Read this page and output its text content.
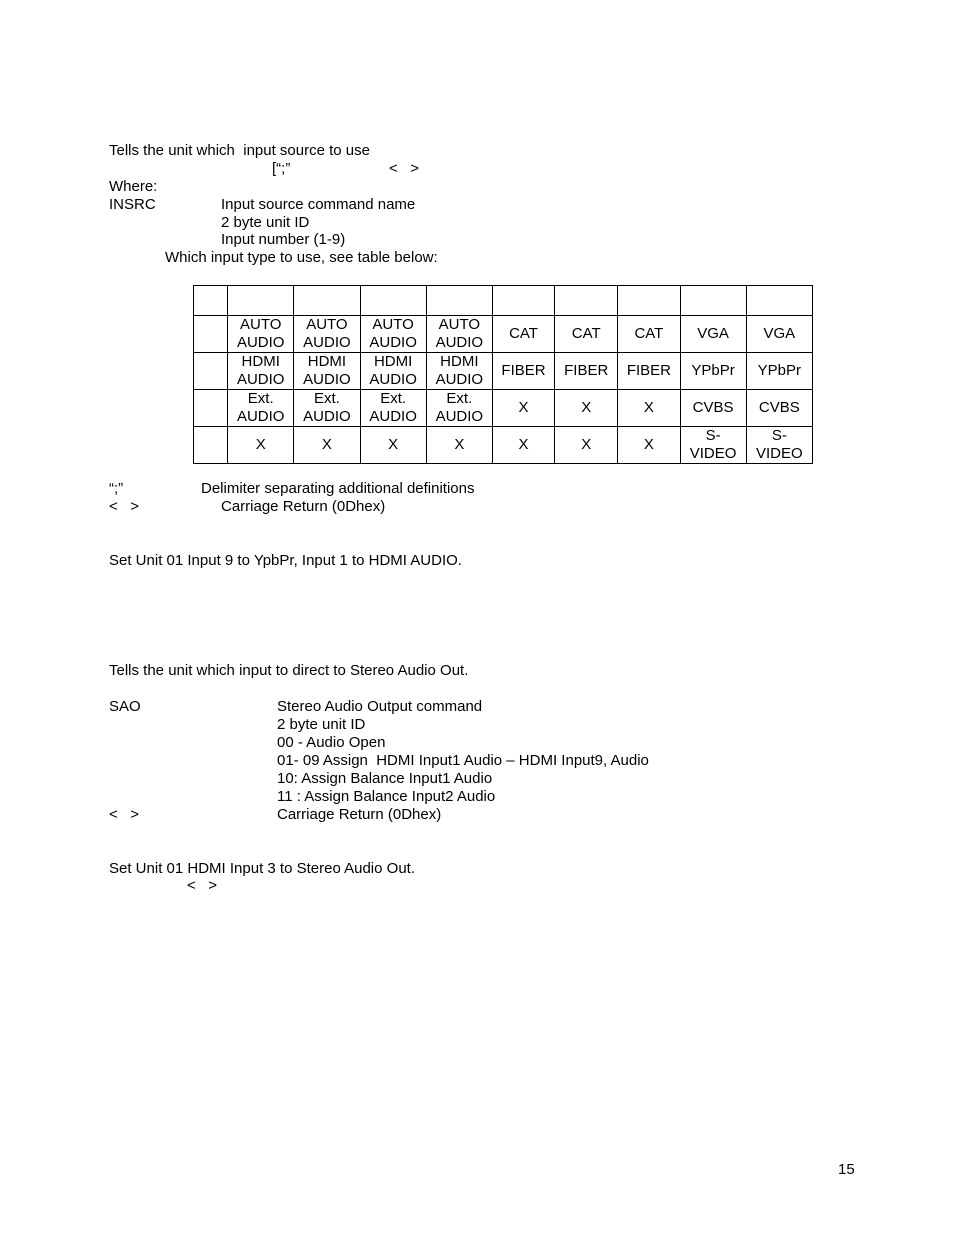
Tells the unit which  input source to use
[“;”	<   >
Where:
INSRC	Input source command name
2 byte unit ID
Input number (1-9)
Which input type to use, see table below:

	AUTO AUDIO	AUTO AUDIO	AUTO AUDIO	AUTO AUDIO	CAT	CAT	CAT	VGA	VGA
	HDMI AUDIO	HDMI AUDIO	HDMI AUDIO	HDMI AUDIO	FIBER	FIBER	FIBER	YPbPr	YPbPr
	Ext. AUDIO	Ext. AUDIO	Ext. AUDIO	Ext. AUDIO	X	X	X	CVBS	CVBS
	X	X	X	X	X	X	X	S- VIDEO	S- VIDEO
“;”	Delimiter separating additional definitions
<   >	Carriage Return (0Dhex)
Set Unit 01 Input 9 to YpbPr, Input 1 to HDMI AUDIO.
Tells the unit which input to direct to Stereo Audio Out.
SAO	Stereo Audio Output command
2 byte unit ID
00 - Audio Open
01- 09 Assign  HDMI Input1 Audio – HDMI Input9, Audio
10: Assign Balance Input1 Audio
11 : Assign Balance Input2 Audio
<   >	Carriage Return (0Dhex)
Set Unit 01 HDMI Input 3 to Stereo Audio Out.
<   >
15
